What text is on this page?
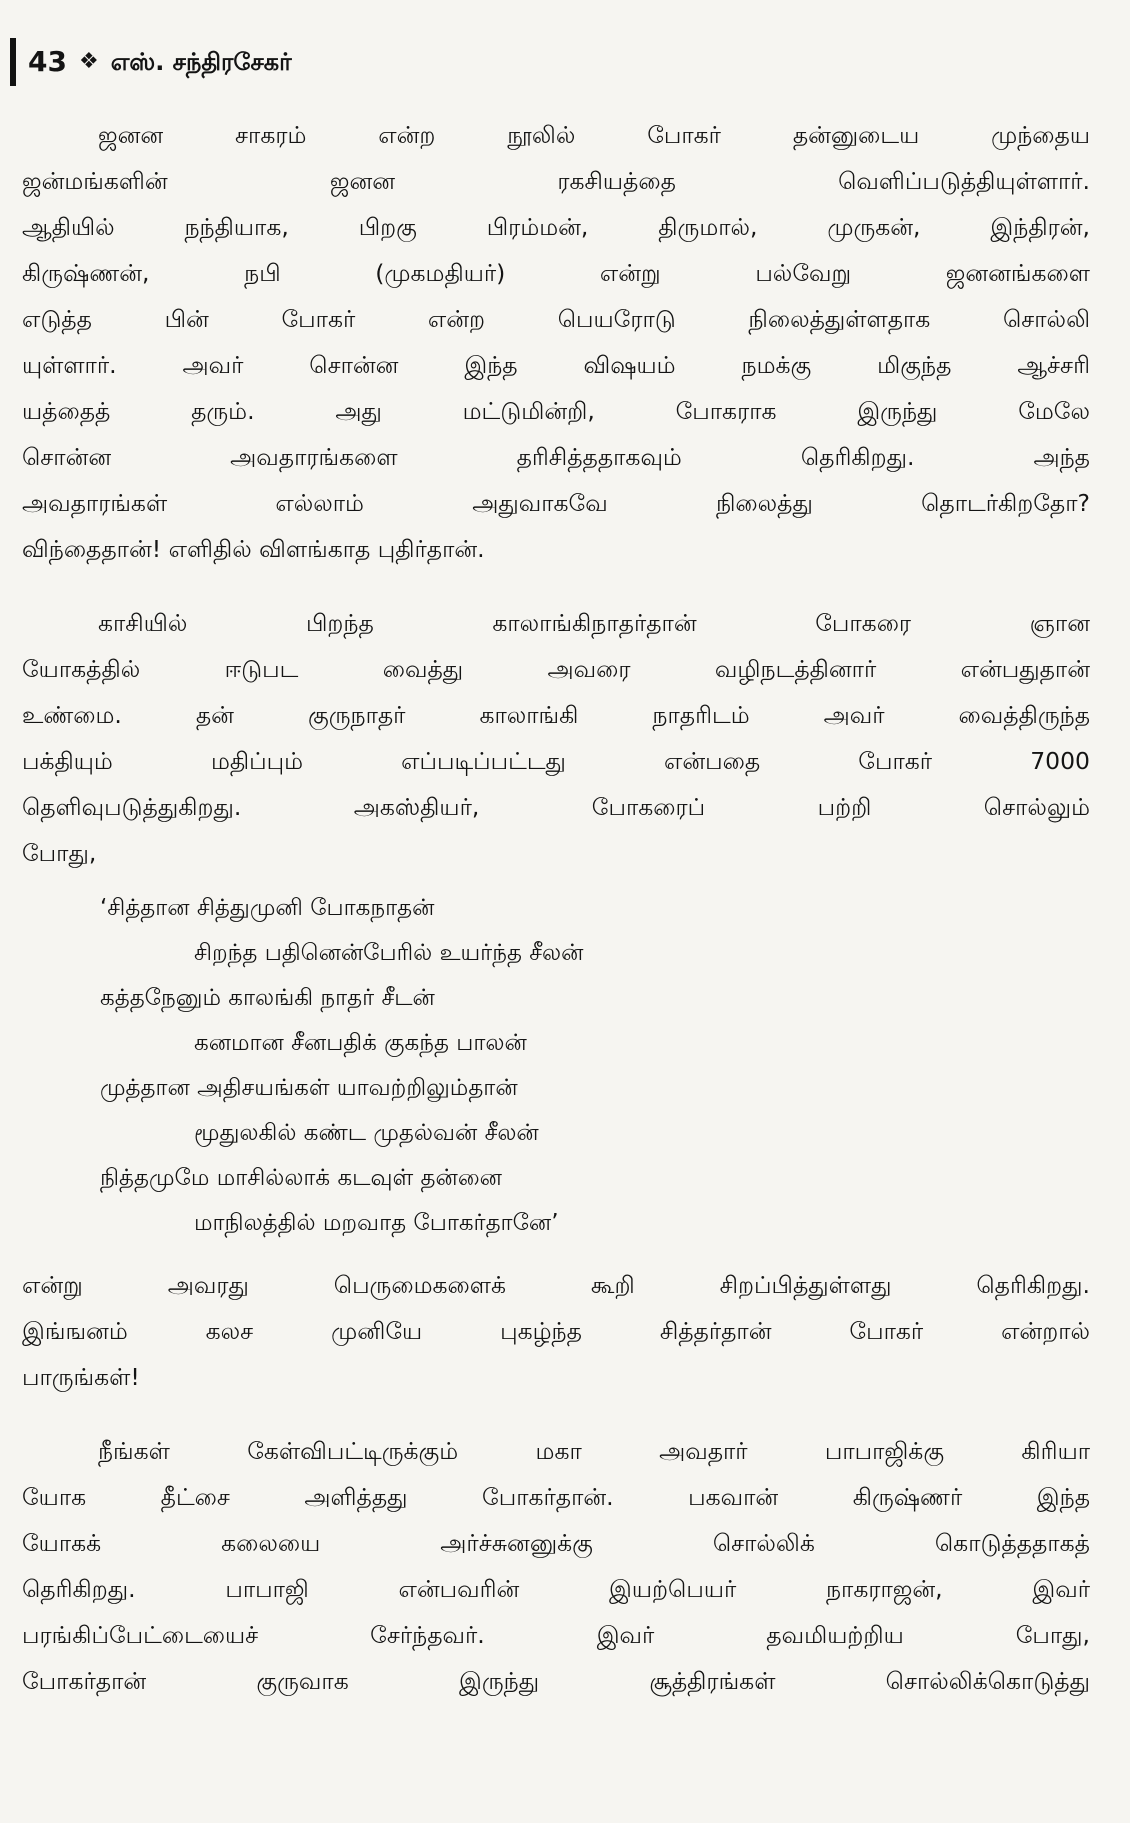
43 ❖ எஸ். சந்திரசேகர்
ஜனன சாகரம் என்ற நூலில் போகர் தன்னுடைய முந்தைய
ஜன்மங்களின் ஜனன ரகசியத்தை வெளிப்படுத்தியுள்ளார்.
ஆதியில் நந்தியாக, பிறகு பிரம்மன், திருமால், முருகன், இந்திரன்,
கிருஷ்ணன், நபி (முகமதியர்) என்று பல்வேறு ஜனனங்களை
எடுத்த பின் போகர் என்ற பெயரோடு நிலைத்துள்ளதாக சொல்லி
யுள்ளார். அவர் சொன்ன இந்த விஷயம் நமக்கு மிகுந்த ஆச்சரி
யத்தைத் தரும். அது மட்டுமின்றி, போகராக இருந்து மேலே
சொன்ன அவதாரங்களை தரிசித்ததாகவும் தெரிகிறது. அந்த
அவதாரங்கள் எல்லாம் அதுவாகவே நிலைத்து தொடர்கிறதோ?
விந்தைதான்! எளிதில் விளங்காத புதிர்தான்.
காசியில் பிறந்த காலாங்கிநாதர்தான் போகரை ஞான
யோகத்தில் ஈடுபட வைத்து அவரை வழிநடத்தினார் என்பதுதான்
உண்மை. தன் குருநாதர் காலாங்கி நாதரிடம் அவர் வைத்திருந்த
பக்தியும் மதிப்பும் எப்படிப்பட்டது என்பதை போகர் 7000
தெளிவுபடுத்துகிறது. அகஸ்தியர், போகரைப் பற்றி சொல்லும்
போது,
‘சித்தான சித்துமுனி போகநாதன்
சிறந்த பதினென்பேரில் உயர்ந்த சீலன்
கத்தநேனும் காலங்கி நாதர் சீடன்
கனமான சீனபதிக் குகந்த பாலன்
முத்தான அதிசயங்கள் யாவற்றிலும்தான்
மூதுலகில் கண்ட முதல்வன் சீலன்
நித்தமுமே மாசில்லாக் கடவுள் தன்னை
மாநிலத்தில் மறவாத போகர்தானே’
என்று அவரது பெருமைகளைக் கூறி சிறப்பித்துள்ளது தெரிகிறது.
இங்ஙனம் கலச முனியே புகழ்ந்த சித்தர்தான் போகர் என்றால்
பாருங்கள்!
நீங்கள் கேள்விபட்டிருக்கும் மகா அவதார் பாபாஜிக்கு கிரியா
யோக தீட்சை அளித்தது போகர்தான். பகவான் கிருஷ்ணர் இந்த
யோகக் கலையை அர்ச்சுனனுக்கு சொல்லிக் கொடுத்ததாகத்
தெரிகிறது. பாபாஜி என்பவரின் இயற்பெயர் நாகராஜன், இவர்
பரங்கிப்பேட்டையைச் சேர்ந்தவர். இவர் தவமியற்றிய போது,
போகர்தான் குருவாக இருந்து சூத்திரங்கள் சொல்லிக்கொடுத்து
